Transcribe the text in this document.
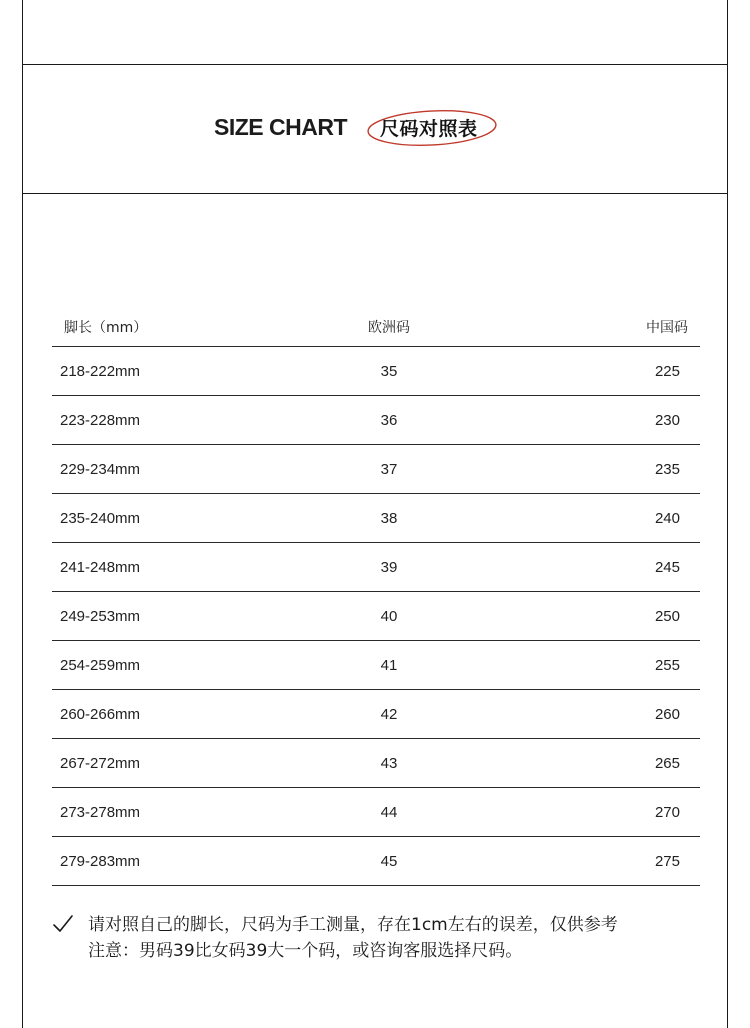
SIZE CHART 尺码对照表
脚长（mm）	欧洲码	中国码
218-222mm	35	225
223-228mm	36	230
229-234mm	37	235
235-240mm	38	240
241-248mm	39	245
249-253mm	40	250
254-259mm	41	255
260-266mm	42	260
267-272mm	43	265
273-278mm	44	270
279-283mm	45	275
请对照自己的脚长，尺码为手工测量，存在1cm左右的误差，仅供参考
注意：男码39比女码39大一个码，或咨询客服选择尺码。
